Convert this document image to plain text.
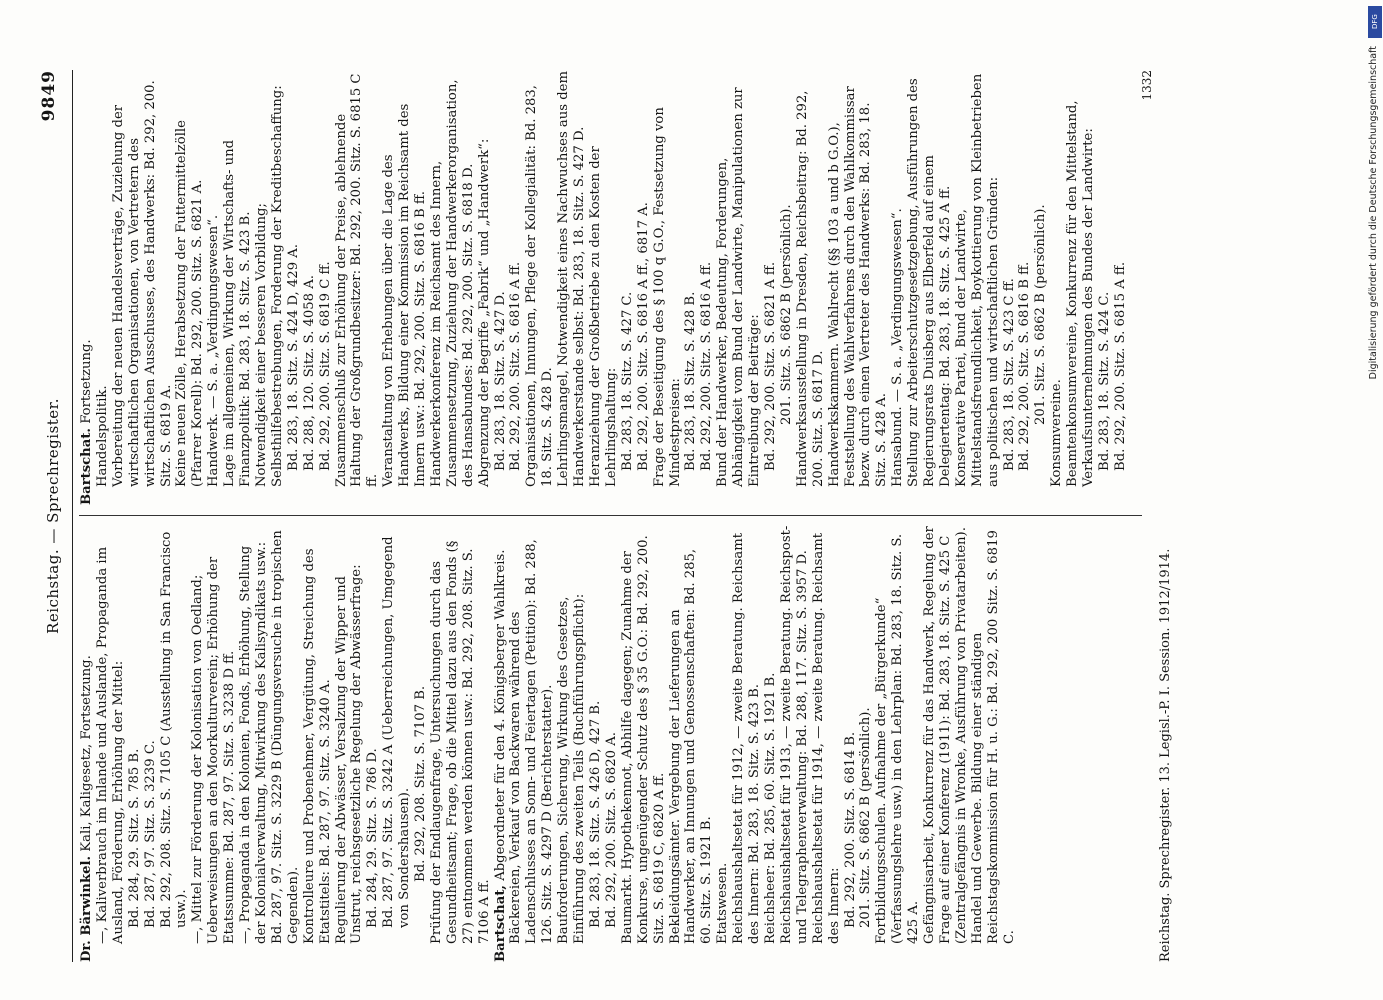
Reichstag. — Sprechregister.
9849
Dr. Bärwinkel. Kali, Kaligesetz, Fortsetzung. —, Kaliverbrauch im Inlande und Auslande, Propaganda im Ausland, Förderung, Erhöhung der Mittel: Bd. 284, 29. Sitz. S. 785 B. Bd. 287, 97. Sitz. S. 3239 C. Bd. 292, 208. Sitz. S. 7105 C (Ausstellung in San Francisco usw.). —, Mittel zur Förderung der Kolonisation von Oedland; Ueberweisungen an den Moorkulturverein; Erhöhung der Etatssumme: Bd. 287, 97. Sitz. S. 3238 D ff. —, Propaganda in den Kolonien, Fonds, Erhöhung, Stellung der Kolonialverwaltung, Mitwirkung des Kalisyndikats usw.: Bd. 287, 97. Sitz. S. 3229 B (Düngungsversuche in tropischen Gegenden). Kontrolleure und Probenehmer, Vergütung, Streichung des Etatstitels: Bd. 287, 97. Sitz. S. 3240 A. Regulierung der Abwässer, Versalzung der Wipper und Unstrut, reichsgesetzliche Regelung der Abwässerfrage: Bd. 284, 29. Sitz. S. 786 D. Bd. 287, 97. Sitz. S. 3242 A (Ueberreichungen, Umgegend von Sondershausen). Bd. 292, 208. Sitz. S. 7107 B. Prüfung der Endlaugenfrage, Untersuchungen durch das Gesundheitsamt; Frage, ob die Mittel dazu aus den Fonds (§ 27) entnommen werden können usw.: Bd. 292, 208. Sitz. S. 7106 A ff. Bartschat, Abgeordneter für den 4. Königsberger Wahlkreis. Bäckereien, Verkauf von Backwaren während des Ladenschlusses an Sonn- und Feiertagen (Petition): Bd. 288, 126. Sitz. S. 4297 D (Berichterstatter). Bauforderungen, Sicherung, Wirkung des Gesetzes, Einführung des zweiten Teils (Buchführungspflicht): Bd. 283, 18. Sitz. S. 426 D, 427 B. Bd. 292, 200. Sitz. S. 6820 A. Baumarkt. Hypothekennot, Abhilfe dagegen; Zunahme der Konkurse, ungenügender Schutz des § 35 G.O.: Bd. 292, 200. Sitz. S. 6819 C, 6820 A ff. Bekleidungsämter. Vergebung der Lieferungen an Handwerker, an Innungen und Genossenschaften: Bd. 285, 60. Sitz. S. 1921 B. Etatswesen. Reichshaushaltsetat für 1912, — zweite Beratung. Reichsamt des Innern: Bd. 283, 18. Sitz. S. 423 B. Reichsheer: Bd. 285, 60. Sitz. S. 1921 B. Reichshaushaltsetat für 1913, — zweite Beratung. Reichspost- und Telegraphenverwaltung: Bd. 288, 117. Sitz. S. 3957 D. Reichshaushaltsetat für 1914, — zweite Beratung. Reichsamt des Innern: Bd. 292, 200. Sitz. S. 6814 B. 201. Sitz. S. 6862 B (persönlich). Fortbildungsschulen. Aufnahme der „Bürgerkunde“ (Verfassungslehre usw.) in den Lehrplan: Bd. 283, 18. Sitz. S. 425 A. Gefängnisarbeit, Konkurrenz für das Handwerk, Regelung der Frage auf einer Konferenz (1911): Bd. 283, 18. Sitz. S. 425 C (Zentralgefängnis in Wronke, Ausführung von Privatarbeiten). Handel und Gewerbe. Bildung einer ständigen Reichstagskommission für H. u. G.: Bd. 292, 200 Sitz. S. 6819 C.
Bartschat. Fortsetzung.
Handelspolitik. Vorbereitung der neuen Handelsverträge, Zuziehung der wirtschaftlichen Organisationen, von Vertretern des wirtschaftlichen Ausschusses, des Handwerks: Bd. 292, 200. Sitz. S. 6819 A. Keine neuen Zölle, Herabsetzung der Futtermittelzölle (Pfarrer Korell): Bd. 292, 200. Sitz. S. 6821 A. Handwerk. — S. a. „Verdingungswesen“. Lage im allgemeinen, Wirkung der Wirtschafts- und Finanzpolitik: Bd. 283, 18. Sitz. S. 423 B. Notwendigkeit einer besseren Vorbildung; Selbsthilfebestrebungen, Forderung der Kreditbeschaffung: Bd. 283, 18. Sitz. S. 424 D, 429 A. Bd. 288, 120. Sitz. S. 4058 A. Bd. 292, 200. Sitz. S. 6819 C ff. Zusammenschluß zur Erhöhung der Preise, ablehnende Haltung der Großgrundbesitzer: Bd. 292, 200. Sitz. S. 6815 C ff. Veranstaltung von Erhebungen über die Lage des Handwerks, Bildung einer Kommission im Reichsamt des Innern usw.: Bd. 292, 200. Sitz. S. 6816 B ff. Handwerkerkonferenz im Reichsamt des Innern, Zusammensetzung, Zuziehung der Handwerkerorganisation, des Hansabundes: Bd. 292, 200. Sitz. S. 6818 D. Abgrenzung der Begriffe „Fabrik“ und „Handwerk“: Bd. 283, 18. Sitz. S. 427 D. Bd. 292, 200. Sitz. S. 6816 A ff. Organisationen, Innungen, Pflege der Kollegialität: Bd. 283, 18. Sitz. S. 428 D. Lehrlingsmangel, Notwendigkeit eines Nachwuchses aus dem Handwerkerstande selbst: Bd. 283, 18. Sitz. S. 427 D. Heranziehung der Großbetriebe zu den Kosten der Lehrlingshaltung: Bd. 283, 18. Sitz. S. 427 C. Bd. 292, 200. Sitz. S. 6816 A ff., 6817 A. Frage der Beseitigung des § 100 q G.O., Festsetzung von Mindestpreisen: Bd. 283, 18. Sitz. S. 428 B. Bd. 292, 200. Sitz. S. 6816 A ff. Bund der Handwerker, Bedeutung, Forderungen, Abhängigkeit vom Bund der Landwirte, Manipulationen zur Eintreibung der Beiträge: Bd. 292, 200. Sitz. S. 6821 A ff. 201. Sitz. S. 6862 B (persönlich). Handwerksausstellung in Dresden, Reichsbeitrag: Bd. 292, 200. Sitz. S. 6817 D. Handwerkskammern. Wahlrecht (§§ 103 a und b G.O.), Feststellung des Wahlverfahrens durch den Wahlkommissar bezw. durch einen Vertreter des Handwerks: Bd. 283, 18. Sitz. S. 428 A. Hansabund. — S. a. „Verdingungswesen“. Stellung zur Arbeiterschutzgesetzgebung, Ausführungen des Regierungsrats Duisberg aus Elberfeld auf einem Delegiertentag: Bd. 283, 18. Sitz. S. 425 A ff. Konservative Partei, Bund der Landwirte, Mittelstandsfreundlichkeit, Boykottierung von Kleinbetrieben aus politischen und wirtschaftlichen Gründen: Bd. 283, 18. Sitz. S. 423 C ff. Bd. 292, 200. Sitz. S. 6816 B ff. 201. Sitz. S. 6862 B (persönlich).
Konsumvereine. Beamtenkonsumvereine, Konkurrenz für den Mittelstand, Verkaufsunternehmungen des Bundes der Landwirte: Bd. 283, 18. Sitz. S. 424 C. Bd. 292, 200. Sitz. S. 6815 A ff.
Reichstag. Sprechregister. 13. Legisl.-P. I. Session. 1912/1914.
1332
DFG
Digitalisierung gefördert durch die Deutsche Forschungsgemeinschaft
